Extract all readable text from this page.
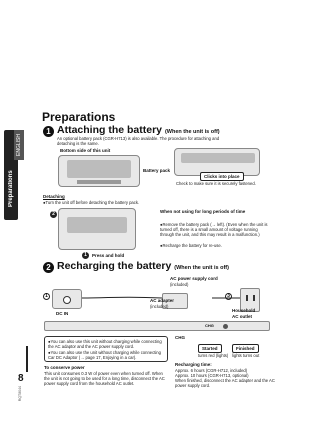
ENGLISH
Preparations
8
RQT8044
Preparations
1 Attaching the battery (When the unit is off)
An optional battery pack (CGR-H713) is also available. The procedure for attaching and detaching is the same.
Bottom side of this unit
Battery pack
Clicks into place
Check to make sure it is securely fastened.
Detaching
●Turn the unit off before detaching the battery pack.
2
1	Press and hold
When not using for long periods of time
●Remove the battery pack (→ left). (Even when the unit is turned off, there is a small amount of voltage running through the unit, and this may result in a malfunction.)
●Recharge the battery for re-use.
2 Recharging the battery (When the unit is off)
AC power supply cord
(included)
1	3
DC IN
AC adapter
(included)
Household
AC outlet
CHG
●You can also use this unit without charging while connecting the AC adaptor and the AC power supply cord.
●You can also use the unit without charging while connecting Car DC Adaptor (→ page 17, Enjoying in a car).
To conserve power
This unit consumes 0.3 W of power even when turned off. When the unit is not going to be used for a long time, disconnect the AC power supply cord from the household AC outlet.
CHG
Started	Finished
turns red (lights) lights turns out
Recharging time:
Approx. 6 hours (CGR-H712, included)
Approx. 10 hours (CGR-H713, optional)
When finished, disconnect the AC adapter and the AC power supply cord.
